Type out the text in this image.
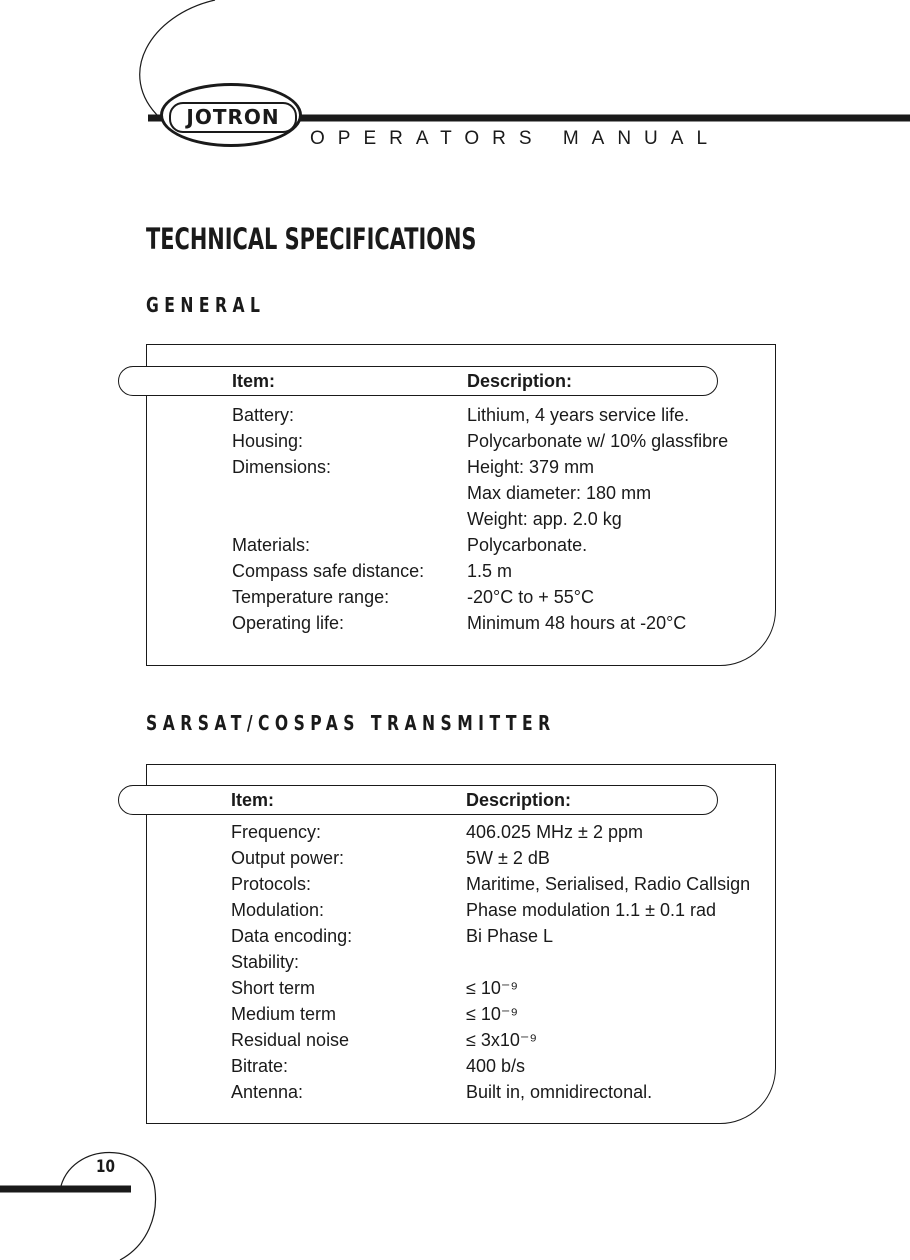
JOTRON
OPERATORS MANUAL
TECHNICAL SPECIFICATIONS
GENERAL
Item:	Description:
Battery:	Lithium, 4 years service life.
Housing:	Polycarbonate w/ 10% glassfibre
Dimensions:	Height: 379 mm
Max diameter: 180 mm
Weight: app. 2.0 kg
Materials:	Polycarbonate.
Compass safe distance: 1.5 m
Temperature range:	-20°C to + 55°C
Operating life:	Minimum 48 hours at -20°C
SARSAT/COSPAS TRANSMITTER
Item:	Description:
Frequency:	406.025 MHz ± 2 ppm
Output power:	5W ± 2 dB
Protocols:	Maritime, Serialised, Radio Callsign
Modulation:	Phase modulation 1.1 ± 0.1 rad
Data encoding:	Bi Phase L
Stability:
Short term	≤ 10⁻⁹
Medium term	≤ 10⁻⁹
Residual noise	≤ 3x10⁻⁹
Bitrate:	400 b/s
Antenna:	Built in, omnidirectonal.
10
